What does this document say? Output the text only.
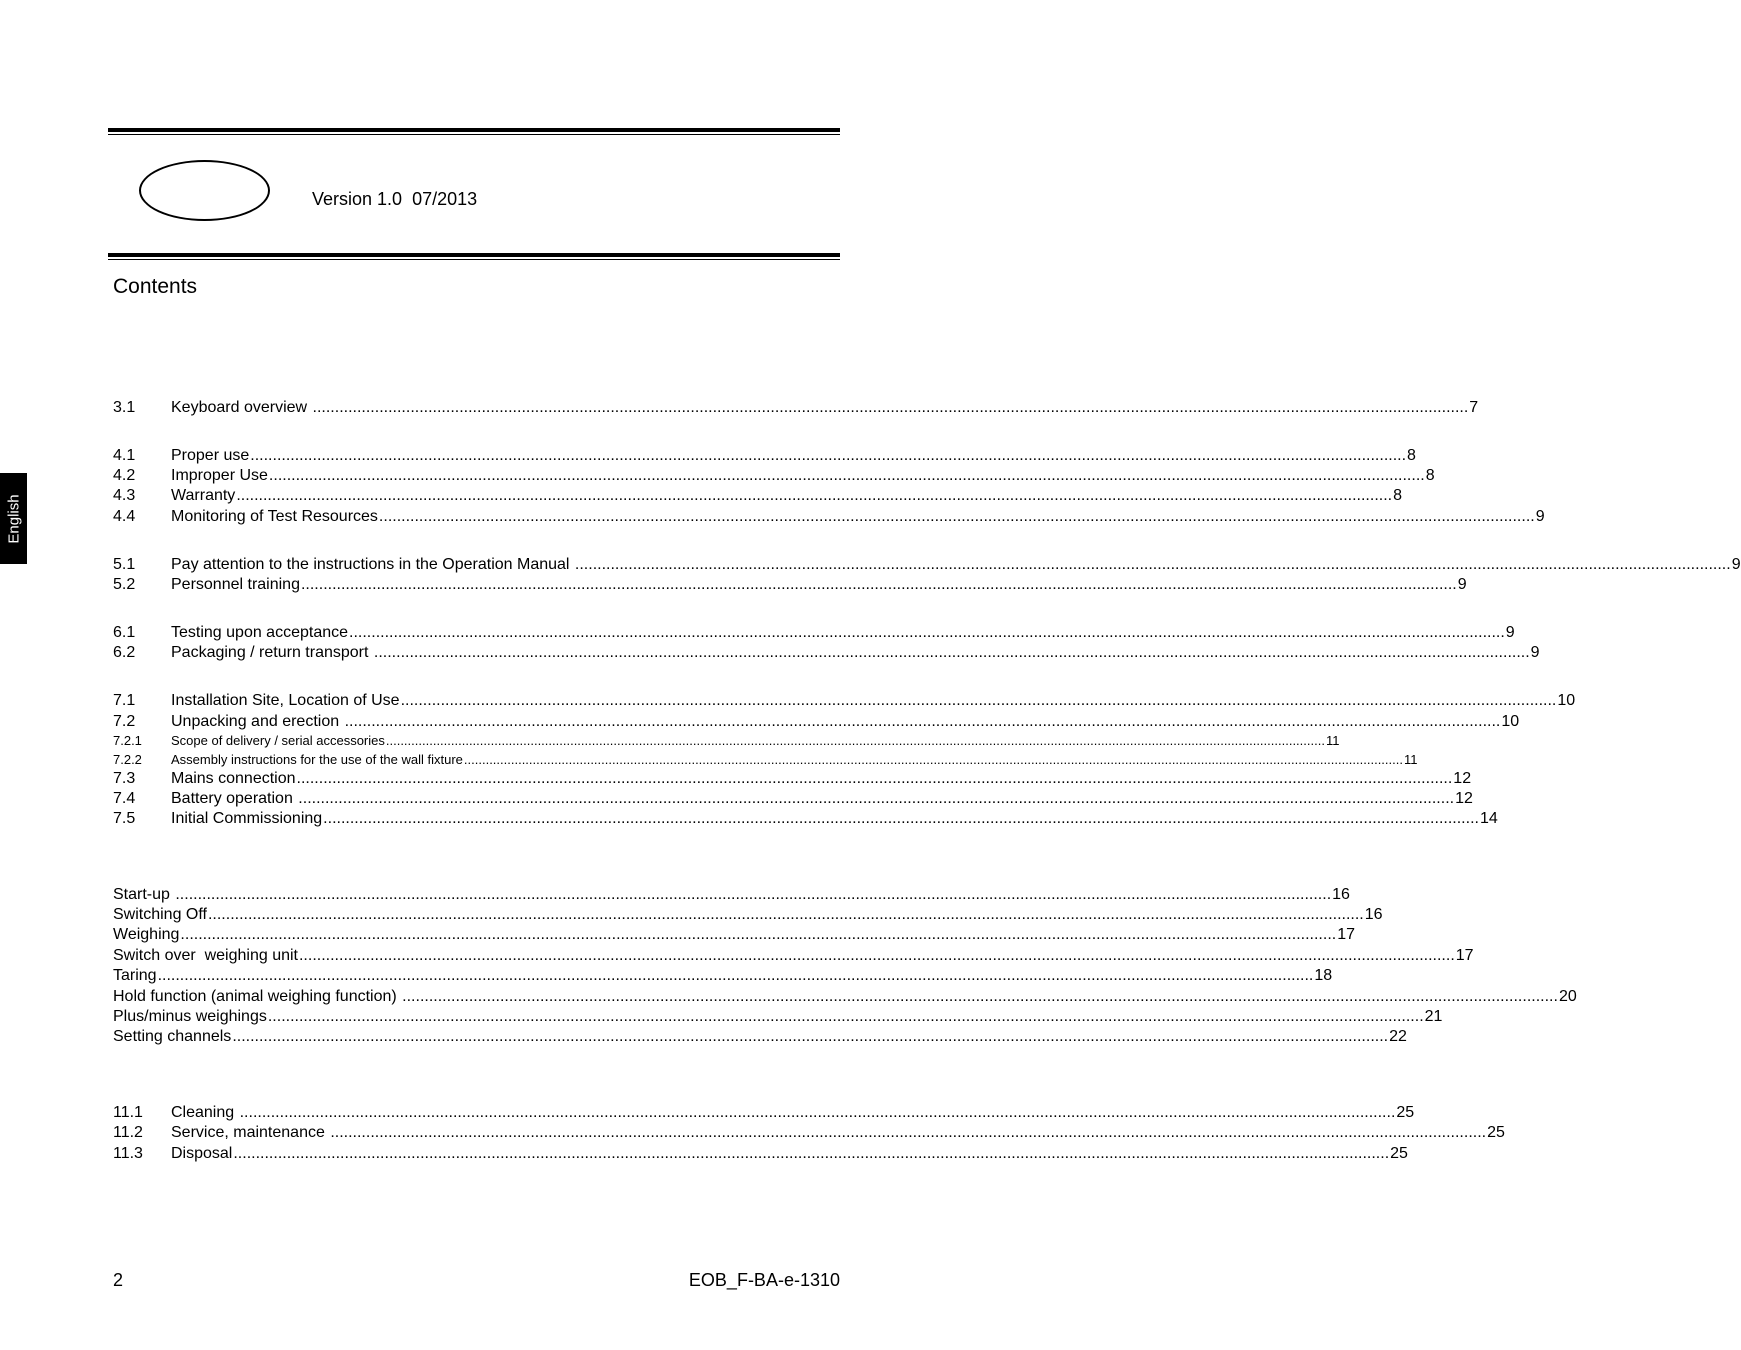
Version 1.0  07/2013
Contents
English
3.1	Keyboard overview .................................................................................................................................................................................................................................................................... 7
4.1	Proper use .................................................................................................................................................................................................................................................................... 8
4.2	Improper Use .................................................................................................................................................................................................................................................................... 8
4.3	Warranty .................................................................................................................................................................................................................................................................... 8
4.4	Monitoring of Test Resources .................................................................................................................................................................................................................................................................... 9
5.1	Pay attention to the instructions in the Operation Manual .................................................................................................................................................................................................................................................................... 9
5.2	Personnel training .................................................................................................................................................................................................................................................................... 9
6.1	Testing upon acceptance .................................................................................................................................................................................................................................................................... 9
6.2	Packaging / return transport .................................................................................................................................................................................................................................................................... 9
7.1	Installation Site, Location of Use .................................................................................................................................................................................................................................................................... 10
7.2	Unpacking and erection .................................................................................................................................................................................................................................................................... 10
7.2.1	Scope of delivery / serial accessories .................................................................................................................................................................................................................................................................... 11
7.2.2	Assembly instructions for the use of the wall fixture .................................................................................................................................................................................................................................................................... 11
7.3	Mains connection .................................................................................................................................................................................................................................................................... 12
7.4	Battery operation .................................................................................................................................................................................................................................................................... 12
7.5	Initial Commissioning .................................................................................................................................................................................................................................................................... 14
Start-up .................................................................................................................................................................................................................................................................... 16
Switching Off .................................................................................................................................................................................................................................................................... 16
Weighing .................................................................................................................................................................................................................................................................... 17
Switch over  weighing unit .................................................................................................................................................................................................................................................................... 17
Taring .................................................................................................................................................................................................................................................................... 18
Hold function (animal weighing function) .................................................................................................................................................................................................................................................................... 20
Plus/minus weighings .................................................................................................................................................................................................................................................................... 21
Setting channels .................................................................................................................................................................................................................................................................... 22
11.1	Cleaning .................................................................................................................................................................................................................................................................... 25
11.2	Service, maintenance .................................................................................................................................................................................................................................................................... 25
11.3	Disposal .................................................................................................................................................................................................................................................................... 25
2	EOB_F-BA-e-1310
